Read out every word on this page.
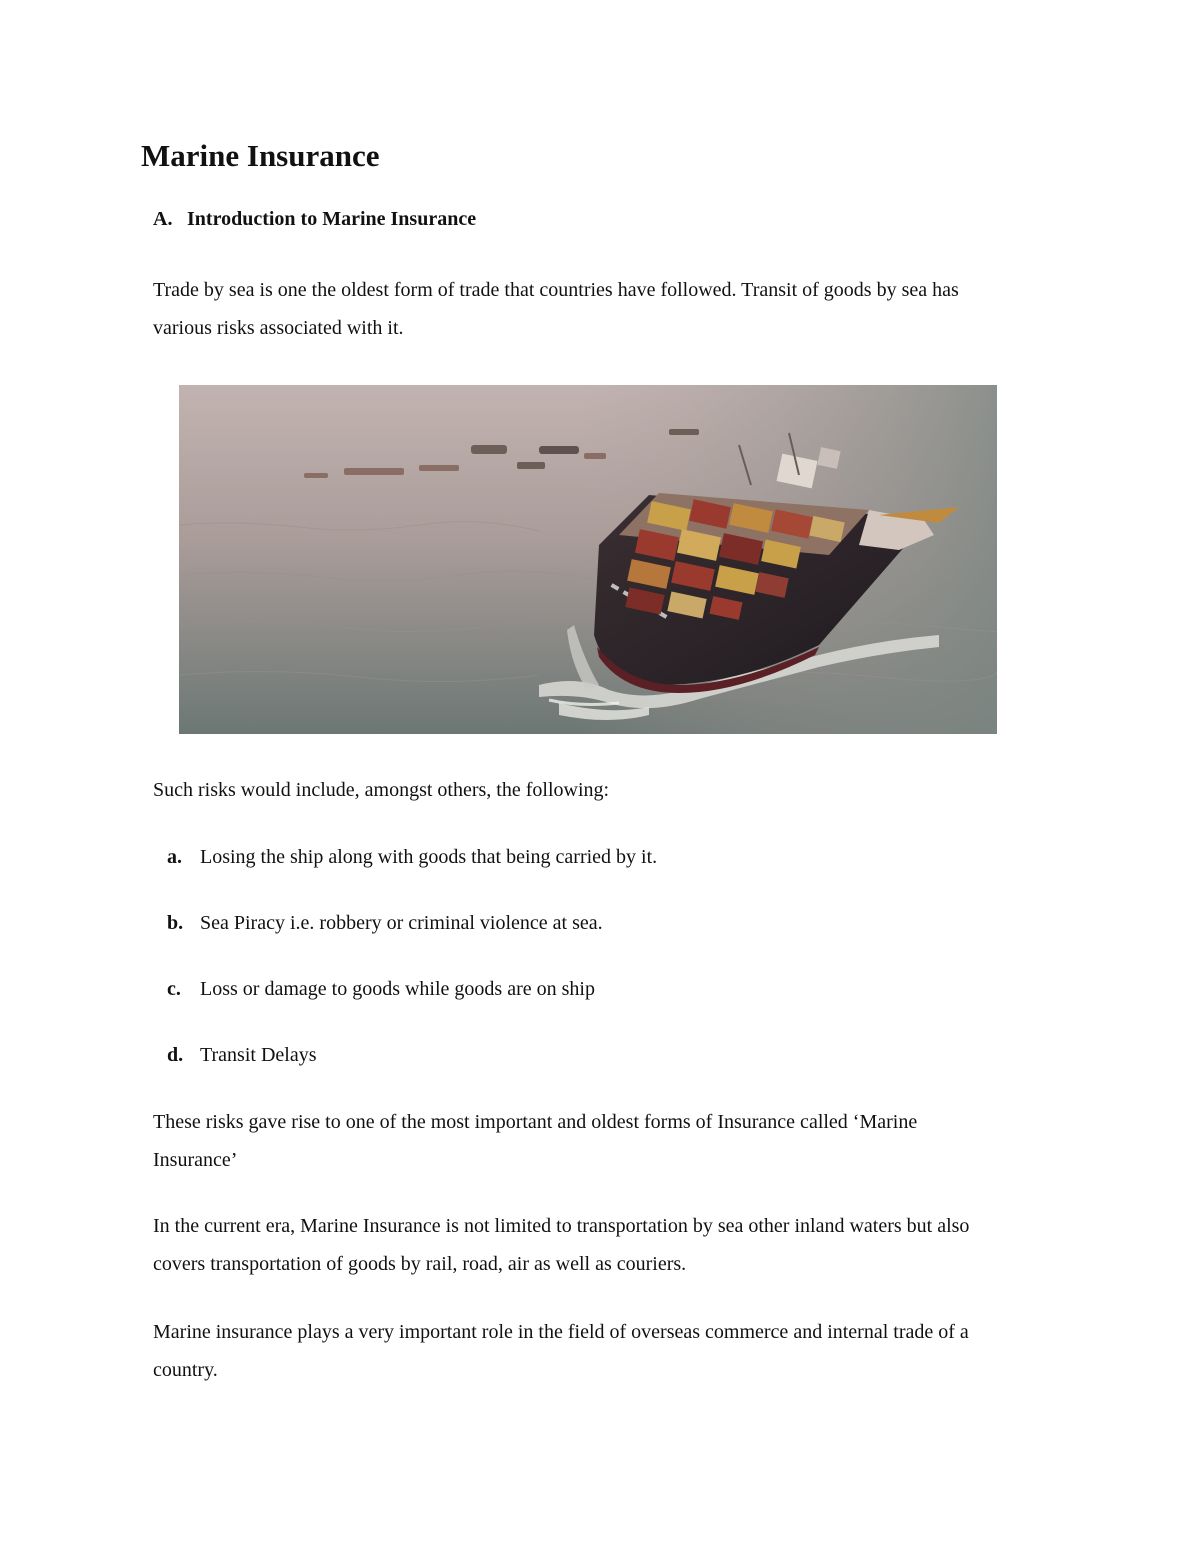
Marine Insurance
A. Introduction to Marine Insurance

Trade by sea is one the oldest form of trade that countries have followed. Transit of goods by sea has various risks associated with it.

Such risks would include, amongst others, the following:

a. Losing the ship along with goods that being carried by it.
b. Sea Piracy i.e. robbery or criminal violence at sea.
c. Loss or damage to goods while goods are on ship
d. Transit Delays

These risks gave rise to one of the most important and oldest forms of Insurance called ‘Marine Insurance’

In the current era, Marine Insurance is not limited to transportation by sea other inland waters but also covers transportation of goods by rail, road, air as well as couriers.

Marine insurance plays a very important role in the field of overseas commerce and internal trade of a country.
